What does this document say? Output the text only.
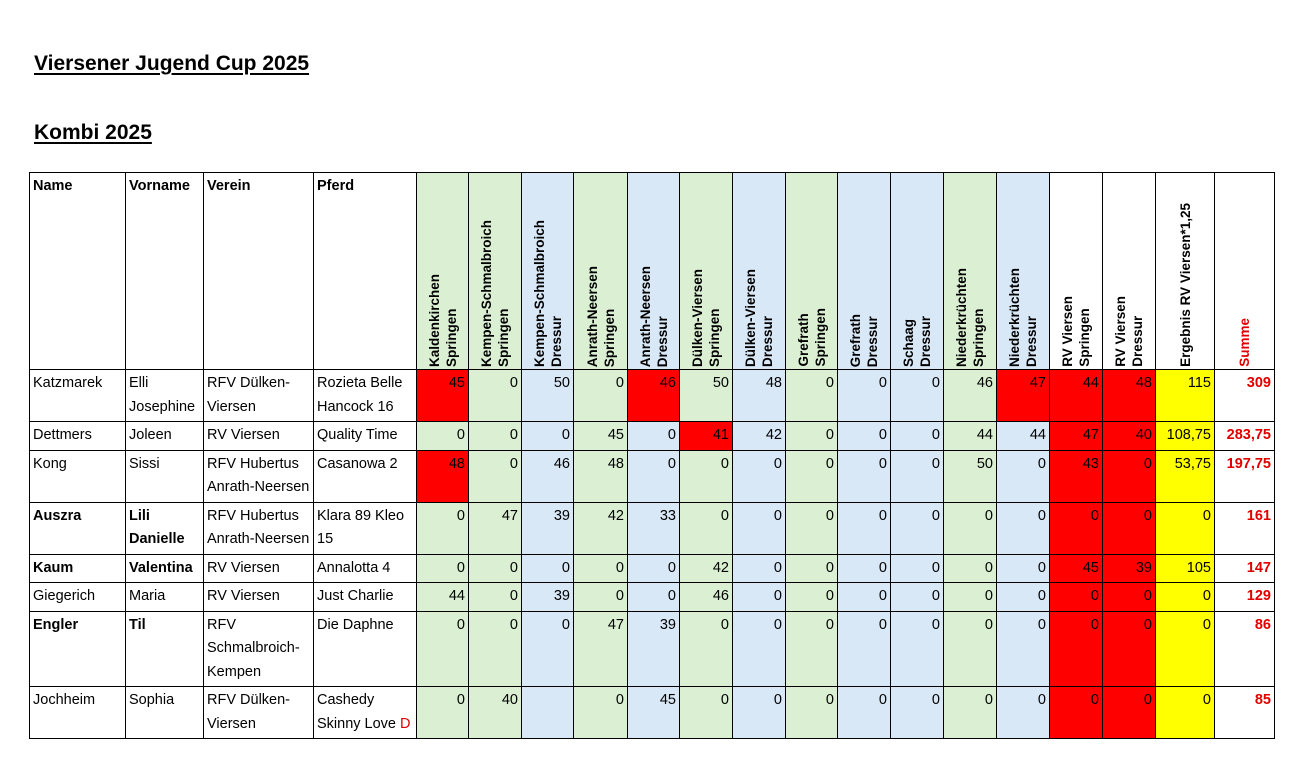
Viersener Jugend Cup 2025
Kombi 2025
Name	Vorname	Verein	Pferd	Kaldenkirchen Springen	Kempen-Schmalbroich Springen	Kempen-Schmalbroich Dressur	Anrath-Neersen Springen	Anrath-Neersen Dressur	Dülken-Viersen Springen	Dülken-Viersen Dressur	Grefrath Springen	Grefrath Dressur	Schaag Dressur	Niederkrüchten Springen	Niederkrüchten Dressur	RV Viersen Springen	RV Viersen Dressur	Ergebnis RV Viersen*1,25	Summe

Katzmarek	Elli Josephine	RFV Dülken-Viersen	Rozieta Belle Hancock 16	45	0	50	0	46	50	48	0	0	0	46	47	44	48	115	309
Dettmers	Joleen	RV Viersen	Quality Time	0	0	0	45	0	41	42	0	0	0	44	44	47	40	108,75	283,75
Kong	Sissi	RFV Hubertus Anrath-Neersen	Casanowa 2	48	0	46	48	0	0	0	0	0	0	50	0	43	0	53,75	197,75
Auszra	Lili Danielle	RFV Hubertus Anrath-Neersen	Klara 89 Kleo 15	0	47	39	42	33	0	0	0	0	0	0	0	0	0	0	161
Kaum	Valentina	RV Viersen	Annalotta 4	0	0	0	0	0	42	0	0	0	0	0	0	45	39	105	147
Giegerich	Maria	RV Viersen	Just Charlie	44	0	39	0	0	46	0	0	0	0	0	0	0	0	0	129
Engler	Til	RFV Schmalbroich-Kempen	Die Daphne	0	0	0	47	39	0	0	0	0	0	0	0	0	0	0	86
Jochheim	Sophia	RFV Dülken-Viersen	Cashedy Skinny Love D	0	40		0	45	0	0	0	0	0	0	0	0	0	0	85
